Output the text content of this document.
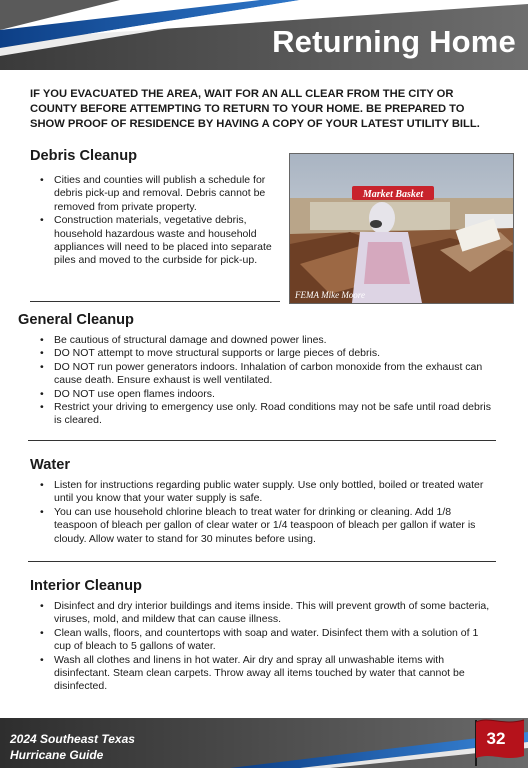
Returning Home
IF YOU EVACUATED THE AREA, WAIT FOR AN ALL CLEAR FROM THE CITY OR COUNTY BEFORE ATTEMPTING TO RETURN TO YOUR HOME. BE PREPARED TO SHOW PROOF OF RESIDENCE BY HAVING A COPY OF YOUR LATEST UTILITY BILL.
Debris Cleanup
• Cities and counties will publish a schedule for debris pick-up and removal. Debris cannot be removed from private property.
• Construction materials, vegetative debris, household hazardous waste and household appliances will need to be placed into separate piles and moved to the curbside for pick-up.
Market Basket
FEMA Mike Moore
General Cleanup
• Be cautious of structural damage and downed power lines.
• DO NOT attempt to move structural supports or large pieces of debris.
• DO NOT run power generators indoors. Inhalation of carbon monoxide from the exhaust can cause death. Ensure exhaust is well ventilated.
• DO NOT use open flames indoors.
• Restrict your driving to emergency use only. Road conditions may not be safe until road debris is cleared.
Water
• Listen for instructions regarding public water supply. Use only bottled, boiled or treated water until you know that your water supply is safe.
• You can use household chlorine bleach to treat water for drinking or cleaning. Add 1/8 teaspoon of bleach per gallon of clear water or 1/4 teaspoon of bleach per gallon if water is cloudy. Allow water to stand for 30 minutes before using.
Interior Cleanup
• Disinfect and dry interior buildings and items inside. This will prevent growth of some bacteria, viruses, mold, and mildew that can cause illness.
• Clean walls, floors, and countertops with soap and water. Disinfect them with a solution of 1 cup of bleach to 5 gallons of water.
• Wash all clothes and linens in hot water. Air dry and spray all unwashable items with disinfectant. Steam clean carpets. Throw away all items touched by water that cannot be disinfected.
2024 Southeast Texas
Hurricane Guide
32
